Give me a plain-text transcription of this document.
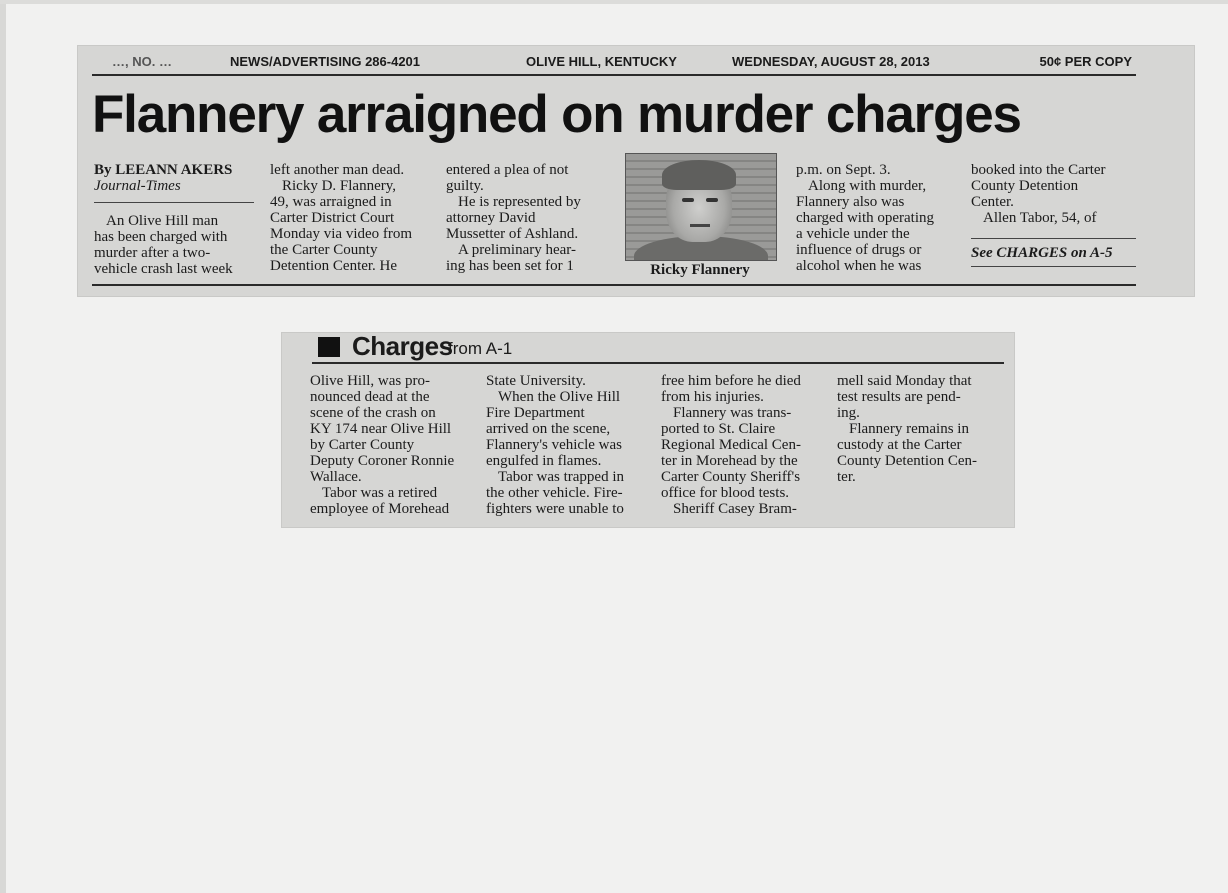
…, NO. …	NEWS/ADVERTISING 286-4201	OLIVE HILL, KENTUCKY	WEDNESDAY, AUGUST 28, 2013	50¢ PER COPY
Flannery arraigned on murder charges
By LEEANN AKERS
Journal-Times
An Olive Hill man
has been charged with
murder after a two-
vehicle crash last week
left another man dead.
Ricky D. Flannery,
49, was arraigned in
Carter District Court
Monday via video from
the Carter County
Detention Center. He
entered a plea of not
guilty.
He is represented by
attorney David
Mussetter of Ashland.
A preliminary hear-
ing has been set for 1	Ricky Flannery
p.m. on Sept. 3.
Along with murder,
Flannery also was
charged with operating
a vehicle under the
influence of drugs or
alcohol when he was
booked into the Carter
County Detention
Center.
Allen Tabor, 54, of
See CHARGES on A-5
Charges
from A-1
Olive Hill, was pro-
nounced dead at the
scene of the crash on
KY 174 near Olive Hill
by Carter County
Deputy Coroner Ronnie
Wallace.
Tabor was a retired
employee of Morehead
State University.
When the Olive Hill
Fire Department
arrived on the scene,
Flannery's vehicle was
engulfed in flames.
Tabor was trapped in
the other vehicle. Fire-
fighters were unable to
free him before he died
from his injuries.
Flannery was trans-
ported to St. Claire
Regional Medical Cen-
ter in Morehead by the
Carter County Sheriff's
office for blood tests.
Sheriff Casey Bram-
mell said Monday that
test results are pend-
ing.
Flannery remains in
custody at the Carter
County Detention Cen-
ter.
